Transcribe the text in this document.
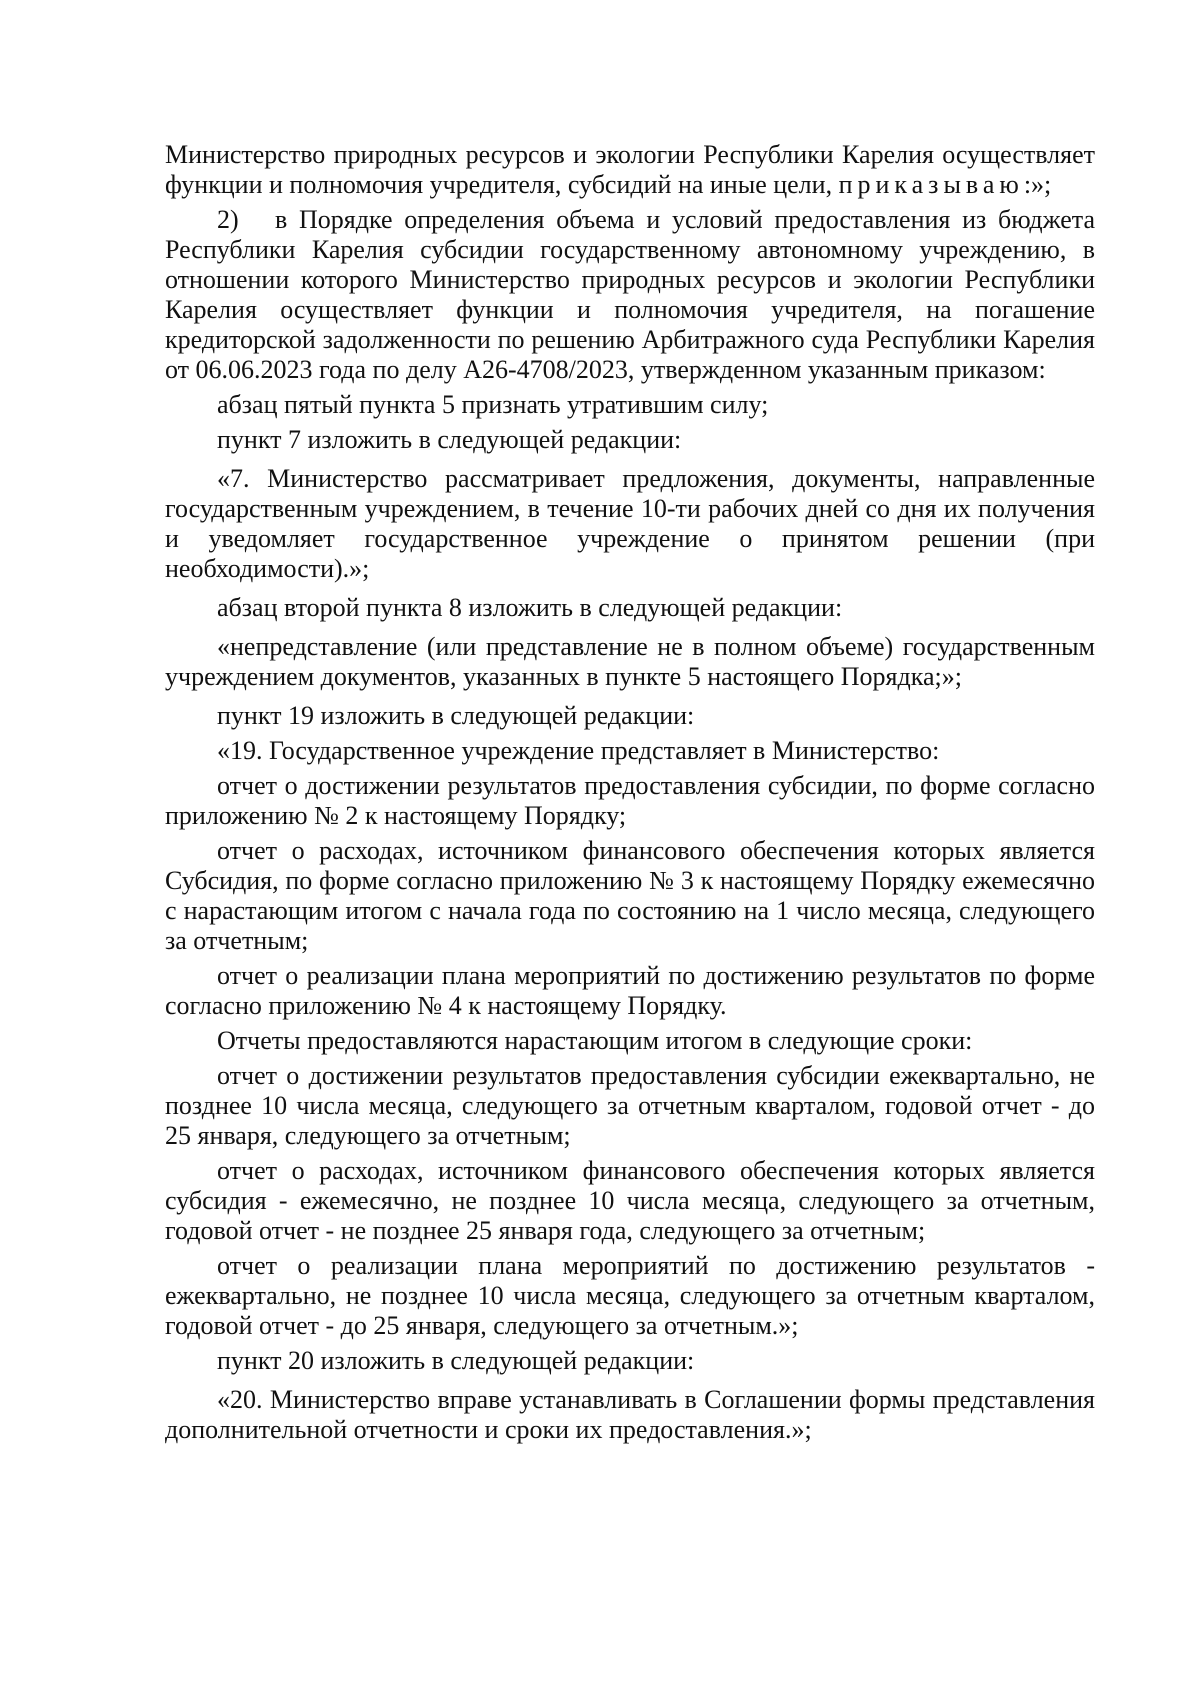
Министерство природных ресурсов и экологии Республики Карелия осуществляет функции и полномочия учредителя, субсидий на иные цели, приказываю:»;

2) в Порядке определения объема и условий предоставления из бюджета Республики Карелия субсидии государственному автономному учреждению, в отношении которого Министерство природных ресурсов и экологии Республики Карелия осуществляет функции и полномочия учредителя, на погашение кредиторской задолженности по решению Арбитражного суда Республики Карелия от 06.06.2023 года по делу А26-4708/2023, утвержденном указанным приказом:

абзац пятый пункта 5 признать утратившим силу;

пункт 7 изложить в следующей редакции:

«7. Министерство рассматривает предложения, документы, направленные государственным учреждением, в течение 10-ти рабочих дней со дня их получения и уведомляет государственное учреждение о принятом решении (при необходимости).»;

абзац второй пункта 8 изложить в следующей редакции:

«непредставление (или представление не в полном объеме) государственным учреждением документов, указанных в пункте 5 настоящего Порядка;»;

пункт 19 изложить в следующей редакции:

«19. Государственное учреждение представляет в Министерство:

отчет о достижении результатов предоставления субсидии, по форме согласно приложению № 2 к настоящему Порядку;

отчет о расходах, источником финансового обеспечения которых является Субсидия, по форме согласно приложению № 3 к настоящему Порядку ежемесячно с нарастающим итогом с начала года по состоянию на 1 число месяца, следующего за отчетным;

отчет о реализации плана мероприятий по достижению результатов по форме согласно приложению № 4 к настоящему Порядку.

Отчеты предоставляются нарастающим итогом в следующие сроки:

отчет о достижении результатов предоставления субсидии ежеквартально, не позднее 10 числа месяца, следующего за отчетным кварталом, годовой отчет - до 25 января, следующего за отчетным;

отчет о расходах, источником финансового обеспечения которых является субсидия - ежемесячно, не позднее 10 числа месяца, следующего за отчетным, годовой отчет - не позднее 25 января года, следующего за отчетным;

отчет о реализации плана мероприятий по достижению результатов - ежеквартально, не позднее 10 числа месяца, следующего за отчетным кварталом, годовой отчет - до 25 января, следующего за отчетным.»;

пункт 20 изложить в следующей редакции:

«20. Министерство вправе устанавливать в Соглашении формы представления дополнительной отчетности и сроки их предоставления.»;
